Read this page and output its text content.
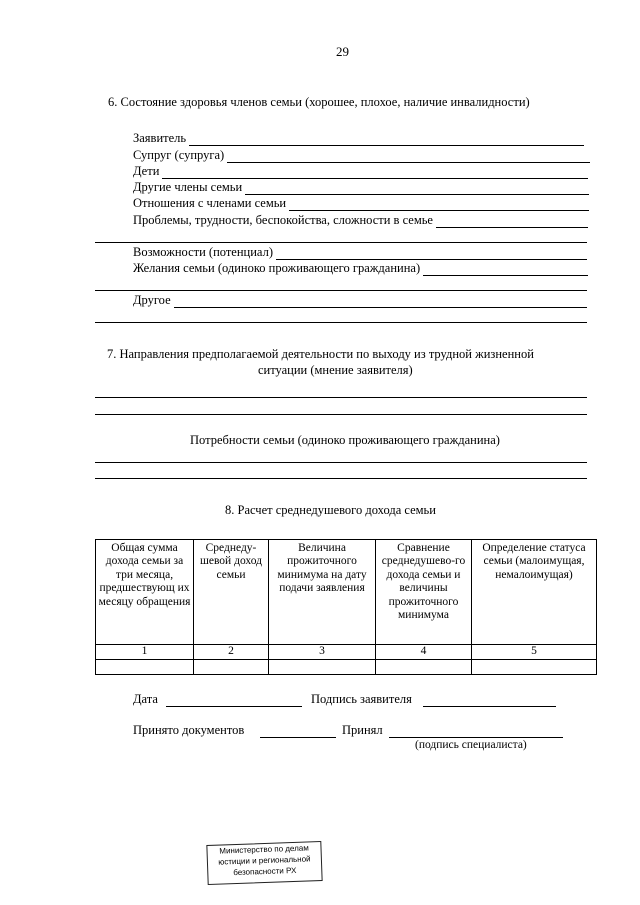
29
6. Состояние здоровья членов семьи (хорошее, плохое, наличие инвалидности)
Заявитель
Супруг (супруга)
Дети
Другие члены семьи
Отношения с членами семьи
Проблемы, трудности, беспокойства, сложности в семье
Возможности (потенциал)
Желания семьи (одиноко проживающего гражданина)
Другое
7. Направления предполагаемой деятельности по выходу из трудной жизненной
ситуации (мнение заявителя)
Потребности семьи (одиноко проживающего гражданина)
8. Расчет среднедушевого дохода семьи
Общая сумма дохода семьи за три месяца, предшествующ их месяцу обращения	Среднеду-шевой доход семьи	Величина прожиточного минимума на дату подачи заявления	Сравнение среднедушево-го дохода семьи и величины прожиточного минимума	Определение статуса семьи (малоимущая, немалоимущая)
1	2	3	4	5

Дата	Подпись заявителя
Принято документов	Принял
(подпись специалиста)
Министерство по делам
юстиции и региональной
безопасности РХ
